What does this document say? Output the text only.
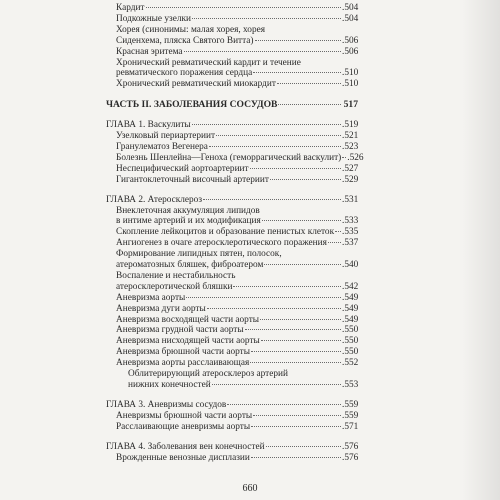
Кардит	.504
Подкожные узелки	.504
Хорея (синонимы: малая хорея, хорея
Сиденхема, пляска Святого Витта)	.506
Красная эритема	.506
Хронический ревматический кардит и течение
ревматического поражения сердца	.510
Хронический ревматический миокардит	.510
ЧАСТЬ II. ЗАБОЛЕВАНИЯ СОСУДОВ	517
ГЛАВА 1. Васкулиты	.519
Узелковый периартериит	.521
Гранулематоз Вегенера	.523
Болезнь Шенлейна—Геноха (геморрагический васкулит) .526
Неспецифический аортоартериит	.527
Гигантоклеточный височный артериит	.529
ГЛАВА 2. Атеросклероз	.531
Внеклеточная аккумуляция липидов
в интиме артерий и их модификация	.533
Скопление лейкоцитов и образование пенистых клеток .535
Ангиогенез в очаге атеросклеротического поражения .537
Формирование липидных пятен, полосок,
атероматозных бляшек, фиброатером	.540
Воспаление и нестабильность
атеросклеротической бляшки	.542
Аневризма аорты	.549
Аневризма дуги аорты	.549
Аневризма восходящей части аорты	.549
Аневризма грудной части аорты	.550
Аневризма нисходящей части аорты	.550
Аневризма брюшной части аорты	.550
Аневризма аорты расслаивающая	.552
Облитерирующий атеросклероз артерий
нижних конечностей	.553
ГЛАВА 3. Аневризмы сосудов	.559
Аневризмы брюшной части аорты	.559
Расслаивающие аневризмы аорты	.571
ГЛАВА 4. Заболевания вен конечностей	.576
Врожденные венозные дисплазии	.576
660
